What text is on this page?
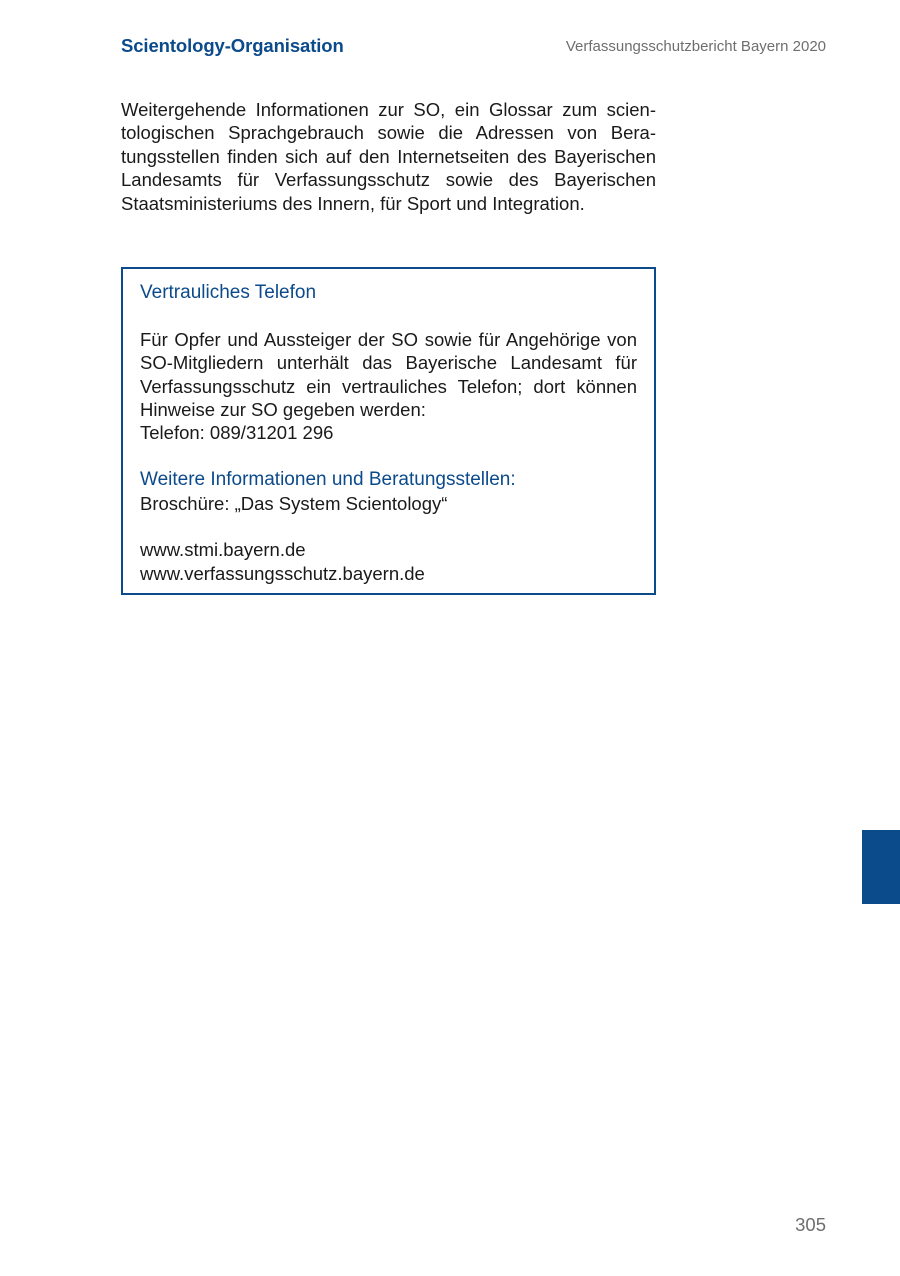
Scientology-Organisation	Verfassungsschutzbericht Bayern 2020

Weitergehende Informationen zur SO, ein Glossar zum scientologischen Sprachgebrauch sowie die Adressen von Beratungsstellen finden sich auf den Internetseiten des Bayerischen Landesamts für Verfassungsschutz sowie des Bayerischen Staatsministeriums des Innern, für Sport und Integration.

Vertrauliches Telefon

Für Opfer und Aussteiger der SO sowie für Angehörige von SO-Mitgliedern unterhält das Bayerische Landesamt für Verfassungsschutz ein vertrauliches Telefon; dort können Hinweise zur SO gegeben werden:
Telefon: 089/31201 296

Weitere Informationen und Beratungsstellen:

Broschüre: „Das System Scientology“

www.stmi.bayern.de
www.verfassungsschutz.bayern.de
305
